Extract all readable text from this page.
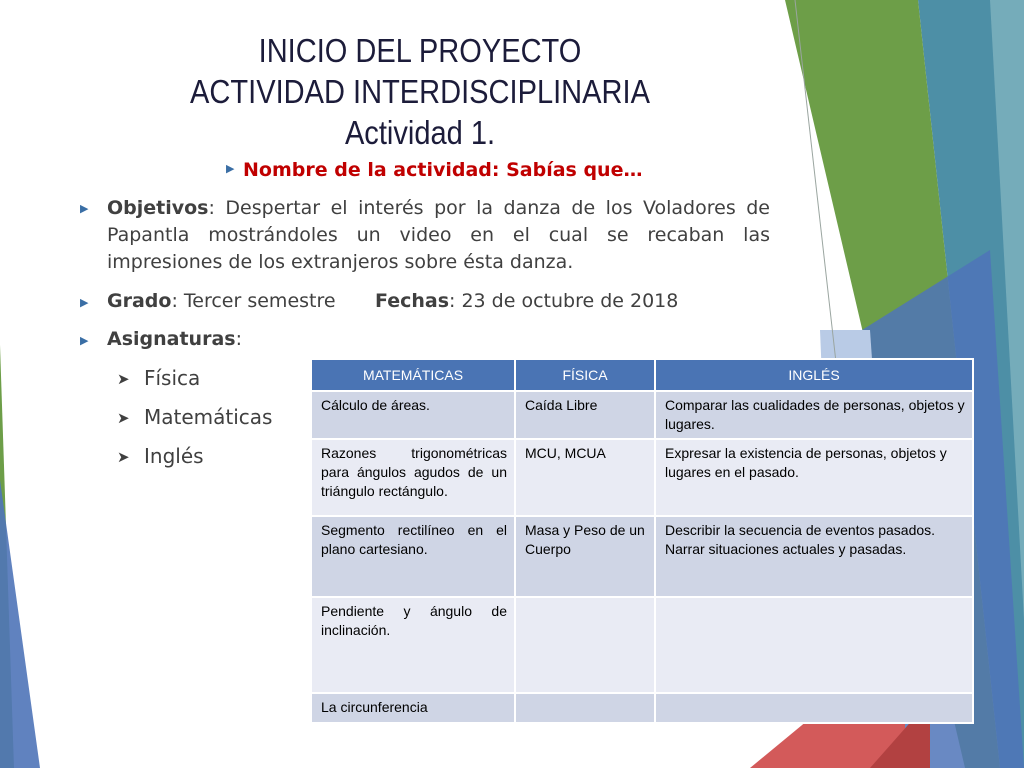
INICIO DEL PROYECTO
ACTIVIDAD INTERDISCIPLINARIA
Actividad 1.
▶ Nombre de la actividad: Sabías que…
▶ Objetivos: Despertar el interés por la danza de los Voladores de Papantla mostrándoles un video en el cual se recaban las impresiones de los extranjeros sobre ésta danza.
▶ Grado: Tercer semestre Fechas: 23 de octubre de 2018
▶ Asignaturas:
➤ Física
➤ Matemáticas
➤ Inglés
MATEMÁTICAS	FÍSICA	INGLÉS
Cálculo de áreas.	Caída Libre	Comparar las cualidades de personas, objetos y lugares.
Razones trigonométricas para ángulos agudos de un triángulo rectángulo.	MCU, MCUA	Expresar la existencia de personas, objetos y lugares en el pasado.
Segmento rectilíneo en el plano cartesiano.	Masa y Peso de un Cuerpo	Describir la secuencia de eventos pasados.
Narrar situaciones actuales y pasadas.

Pendiente y ángulo de inclinación.		
La circunferencia		
